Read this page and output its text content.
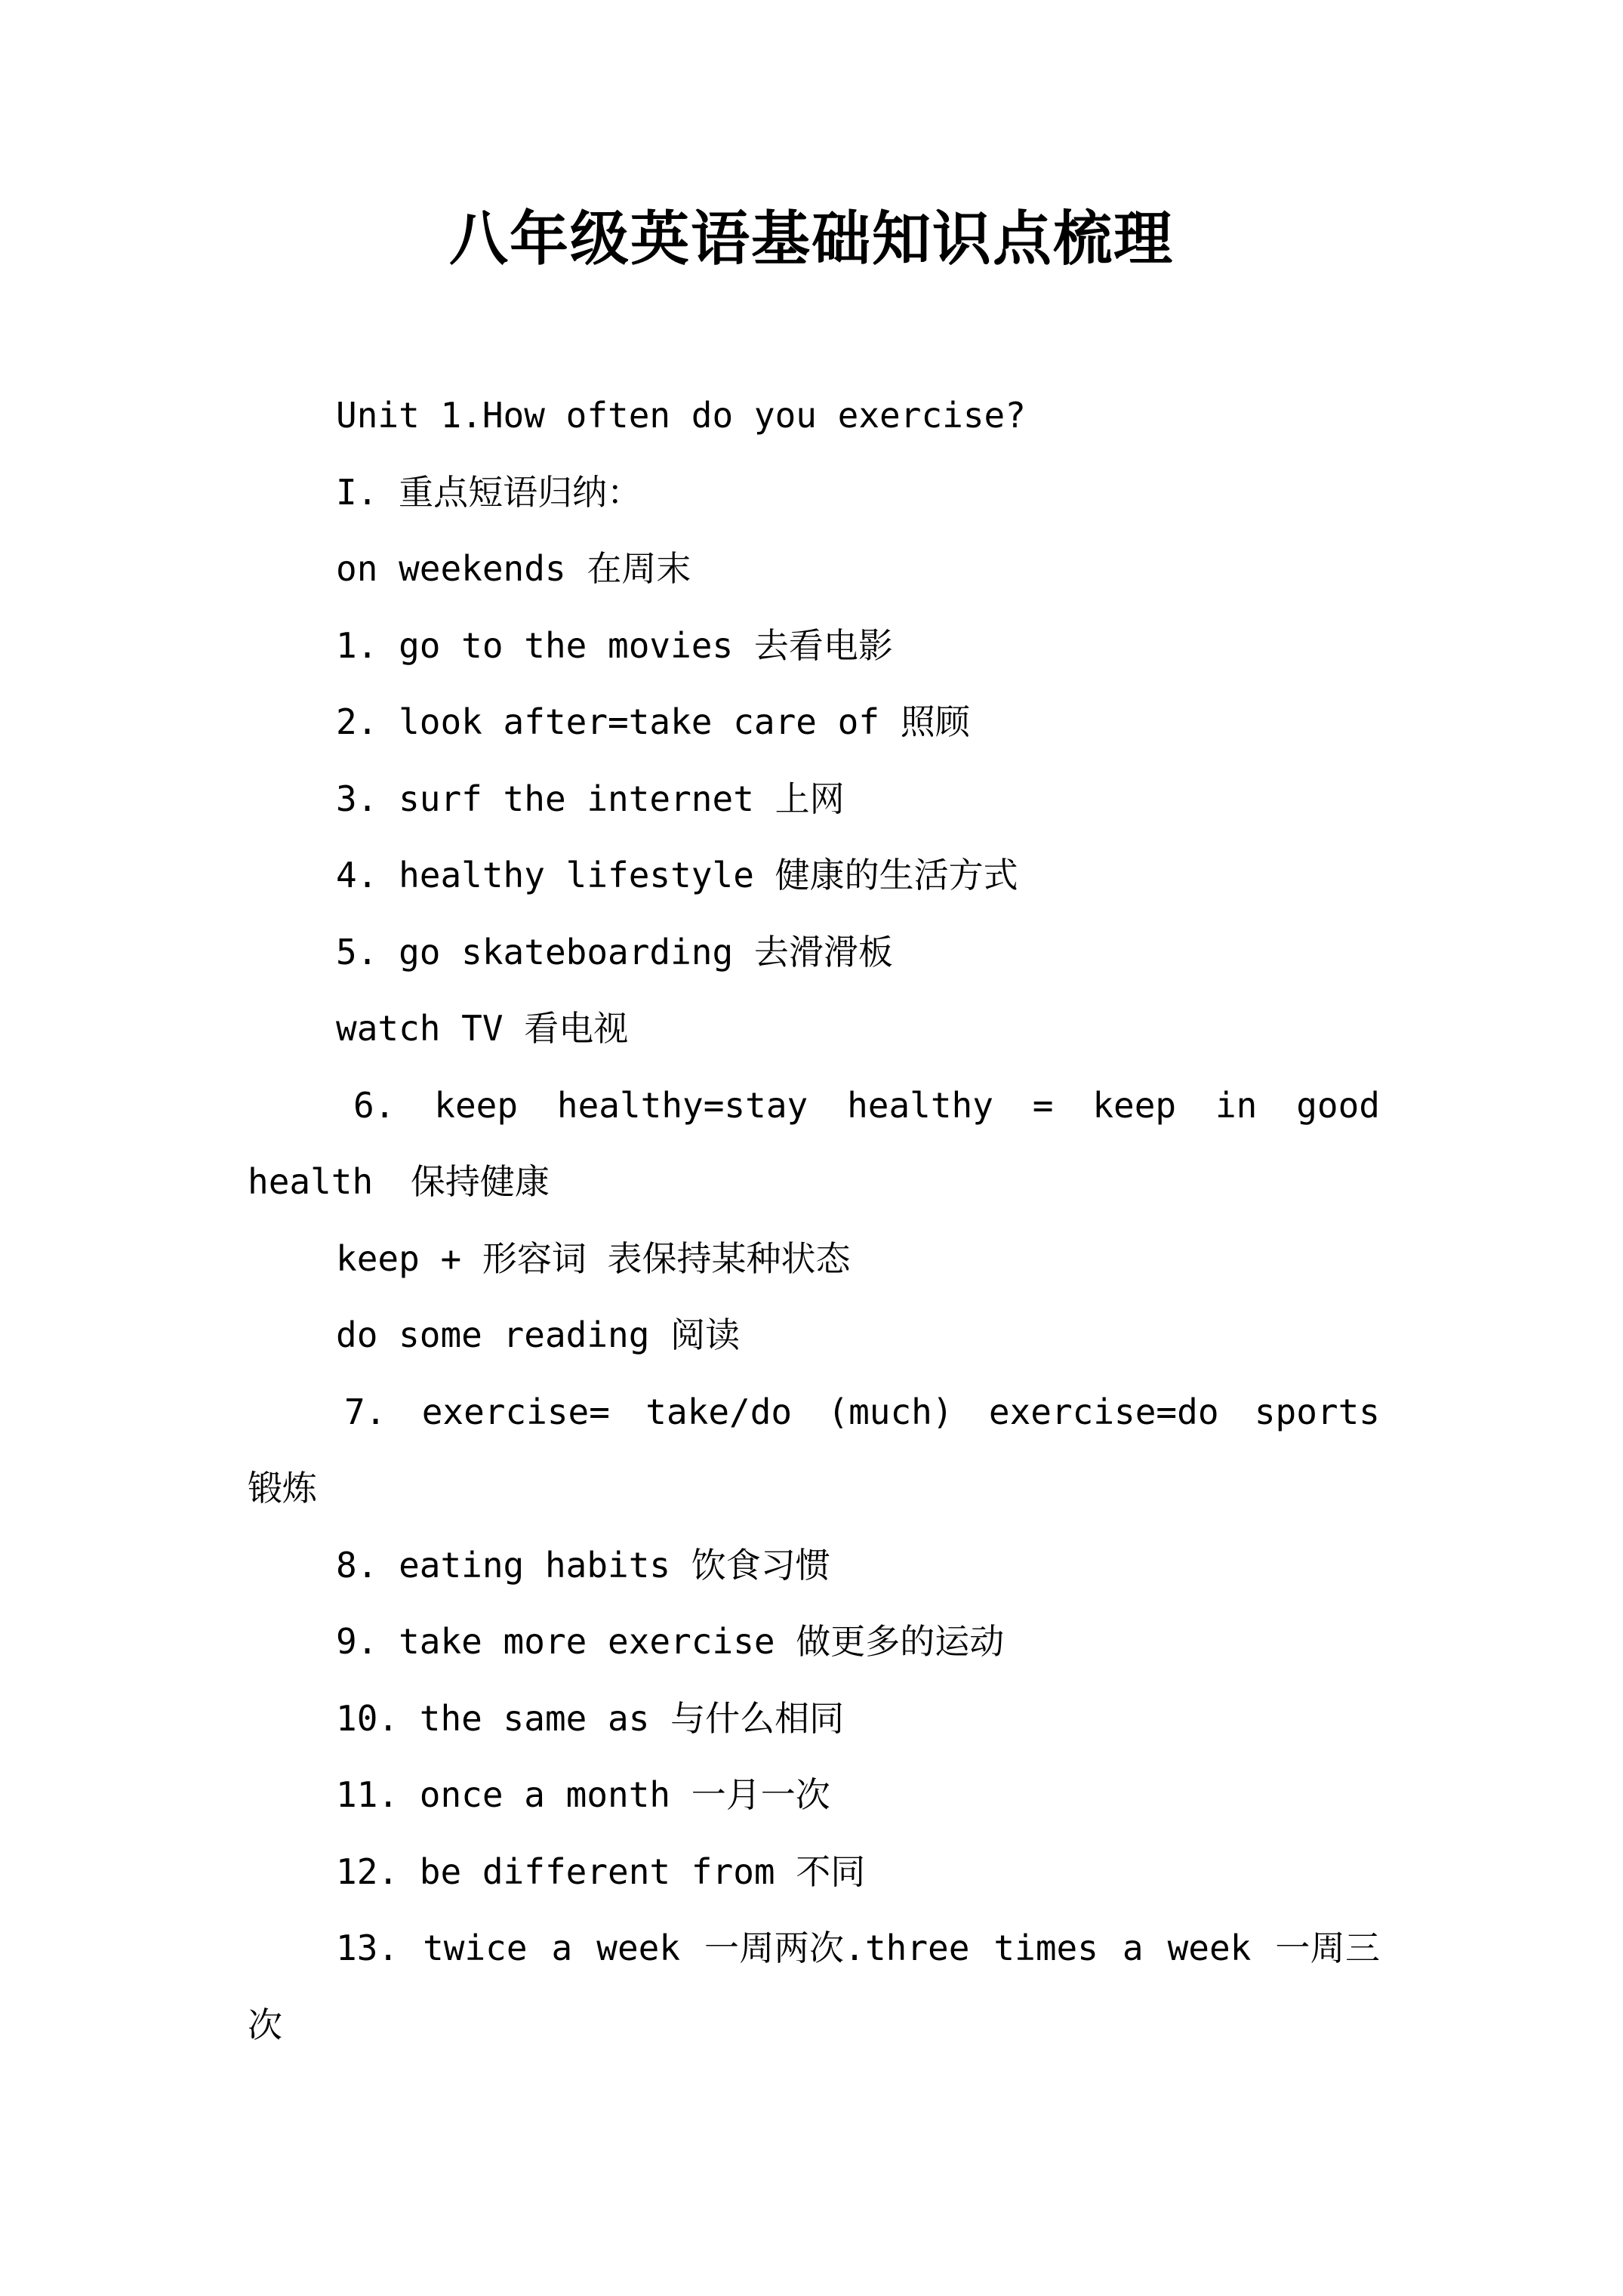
八年级英语基础知识点梳理
Unit 1.How often do you exercise?
I. 重点短语归纳：
on weekends 在周末
1. go to the movies 去看电影
2. look after=take care of 照顾
3. surf the internet 上网
4. healthy lifestyle 健康的生活方式
5. go skateboarding 去滑滑板
watch TV 看电视
6. keep healthy=stay healthy = keep in good health 保持健康
keep + 形容词 表保持某种状态
do some reading 阅读
7. exercise= take/do (much) exercise=do sports 锻炼
8. eating habits 饮食习惯
9. take more exercise 做更多的运动
10. the same as 与什么相同
11. once a month 一月一次
12. be different from 不同
13. twice a week 一周两次.three times a week 一周三次
